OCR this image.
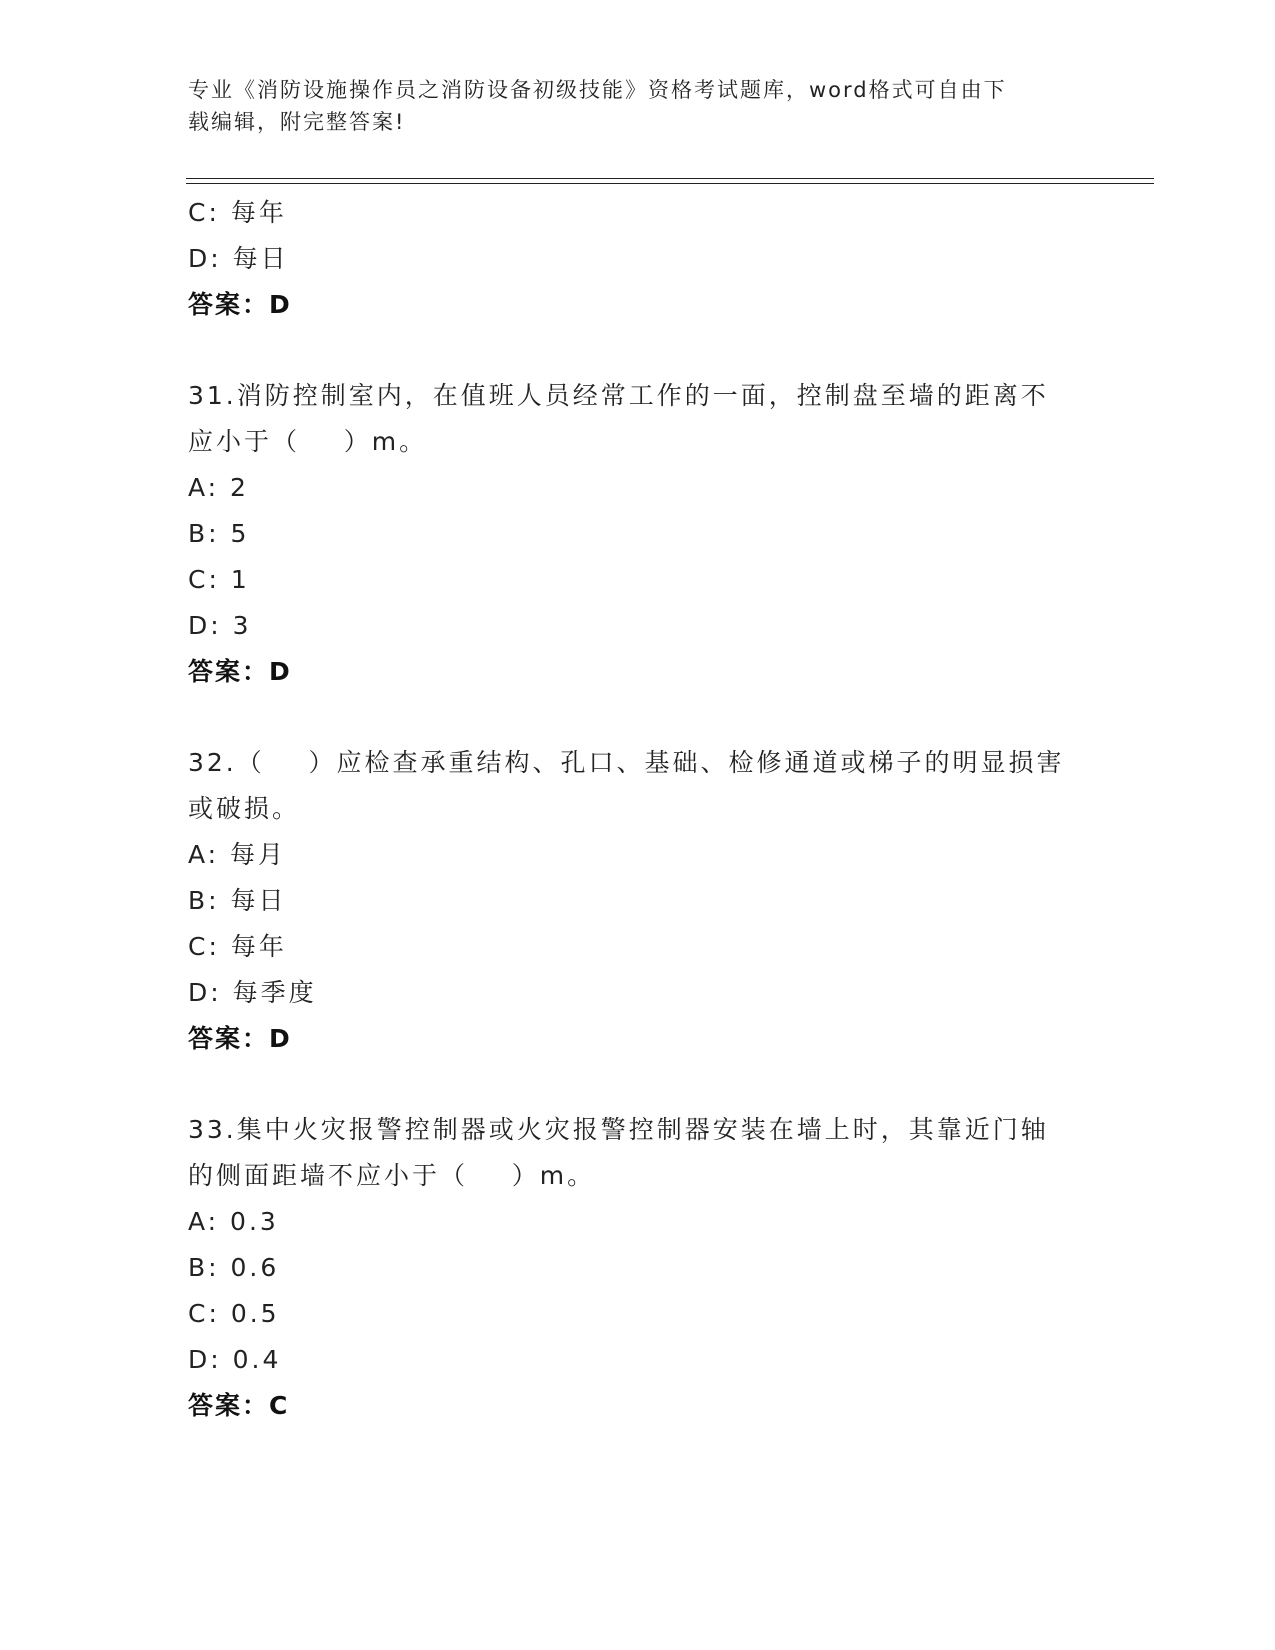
专业《消防设施操作员之消防设备初级技能》资格考试题库，word格式可自由下
载编辑，附完整答案!
C: 每年
D: 每日
答案：D
31.消防控制室内，在值班人员经常工作的一面，控制盘至墙的距离不
应小于（    ）m。
A: 2
B: 5
C: 1
D: 3
答案：D
32.（    ）应检查承重结构、孔口、基础、检修通道或梯子的明显损害
或破损。
A: 每月
B: 每日
C: 每年
D: 每季度
答案：D
33.集中火灾报警控制器或火灾报警控制器安装在墙上时，其靠近门轴
的侧面距墙不应小于（    ）m。
A: 0.3
B: 0.6
C: 0.5
D: 0.4
答案：C
